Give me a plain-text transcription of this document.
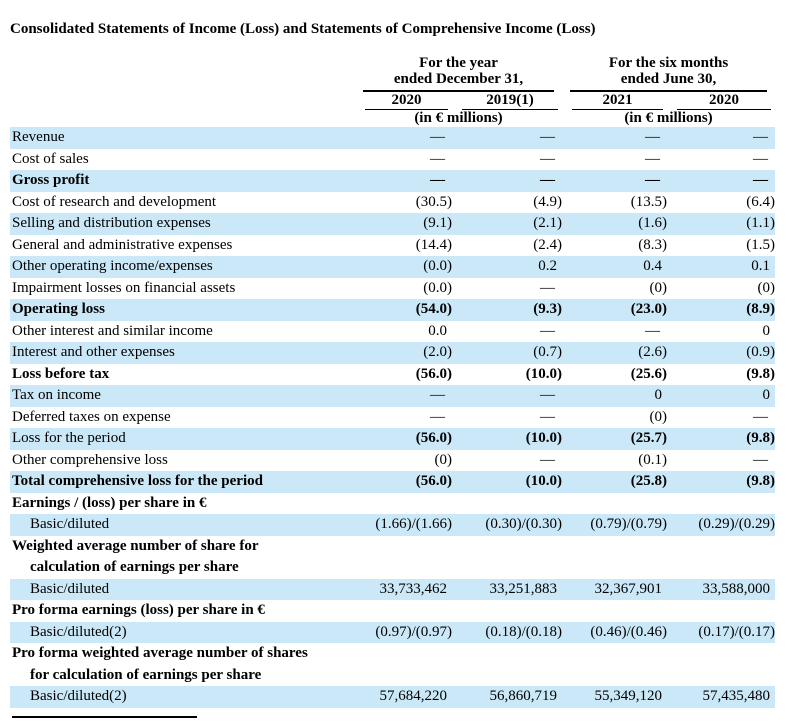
Consolidated Statements of Income (Loss) and Statements of Comprehensive Income (Loss)

	For the year
ended December 31,		For the six months
ended June 30,	

	2020	2019(1)	2021	2020

	(in € millions)		(in € millions)	

Revenue	—	—	—	—

Cost of sales	—	—	—	—

Gross profit	—	—	—	—

Cost of research and development	(30.5)	(4.9)	(13.5)	(6.4)

Selling and distribution expenses	(9.1)	(2.1)	(1.6)	(1.1)

General and administrative expenses	(14.4)	(2.4)	(8.3)	(1.5)

Other operating income/expenses	(0.0)	0.2	0.4	0.1

Impairment losses on financial assets	(0.0)	—	(0)	(0)

Operating loss	(54.0)	(9.3)	(23.0)	(8.9)

Other interest and similar income	0.0	—	—	0

Interest and other expenses	(2.0)	(0.7)	(2.6)	(0.9)

Loss before tax	(56.0)	(10.0)	(25.6)	(9.8)

Tax on income	—	—	0	0

Deferred taxes on expense	—	—	(0)	—

Loss for the period	(56.0)	(10.0)	(25.7)	(9.8)

Other comprehensive loss	(0)	—	(0.1)	—

Total comprehensive loss for the period	(56.0)	(10.0)	(25.8)	(9.8)

Earnings / (loss) per share in €				

Basic/diluted	(1.66)/(1.66)	(0.30)/(0.30)	(0.79)/(0.79)	(0.29)/(0.29)

Weighted average number of share for
calculation of earnings per share				

Basic/diluted	33,733,462	33,251,883	32,367,901	33,588,000

Pro forma earnings (loss) per share in €				

Basic/diluted(2)	(0.97)/(0.97)	(0.18)/(0.18)	(0.46)/(0.46)	(0.17)/(0.17)

Pro forma weighted average number of shares
for calculation of earnings per share				

Basic/diluted(2)	57,684,220	56,860,719	55,349,120	57,435,480
